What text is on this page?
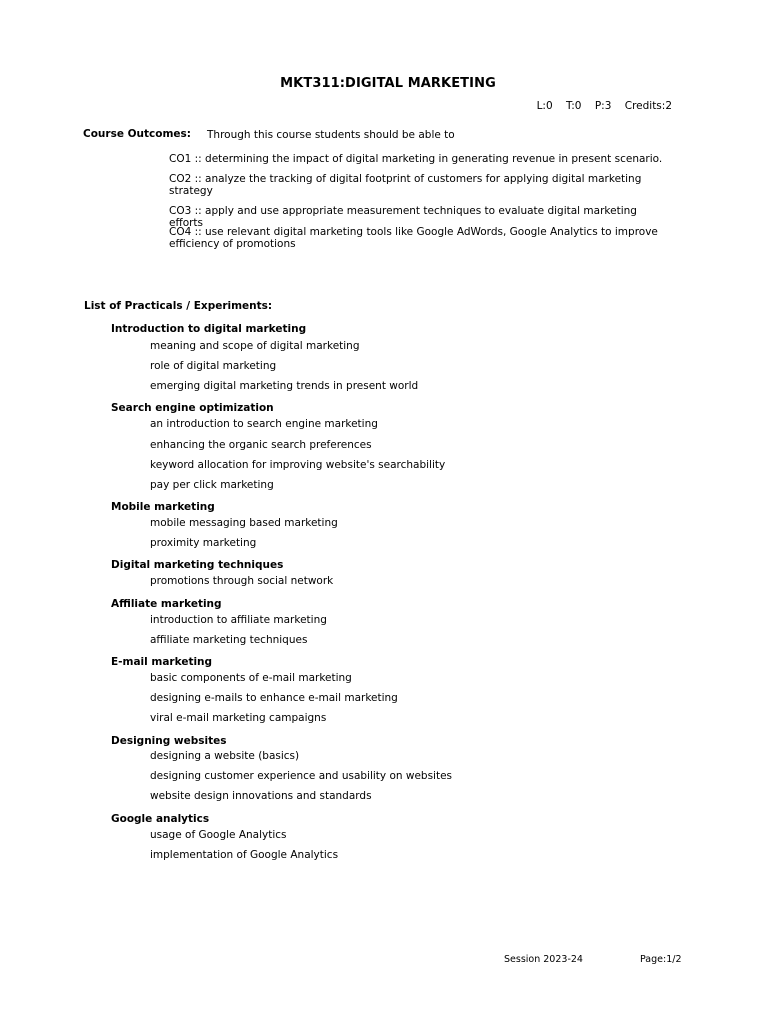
MKT311:DIGITAL MARKETING
L:0 T:0 P:3 Credits:2
Course Outcomes: Through this course students should be able to
CO1 :: determining the impact of digital marketing in generating revenue in present scenario.
CO2 :: analyze the tracking of digital footprint of customers for applying digital marketing strategy
CO3 :: apply and use appropriate measurement techniques to evaluate digital marketing efforts
CO4 :: use relevant digital marketing tools like Google AdWords, Google Analytics to improve efficiency of promotions
List of Practicals / Experiments:
Introduction to digital marketing
meaning and scope of digital marketing
role of digital marketing
emerging digital marketing trends in present world
Search engine optimization
an introduction to search engine marketing
enhancing the organic search preferences
keyword allocation for improving website's searchability
pay per click marketing
Mobile marketing
mobile messaging based marketing
proximity marketing
Digital marketing techniques
promotions through social network
Affiliate marketing
introduction to affiliate marketing
affiliate marketing techniques
E-mail marketing
basic components of e-mail marketing
designing e-mails to enhance e-mail marketing
viral e-mail marketing campaigns
Designing websites
designing a website (basics)
designing customer experience and usability on websites
website design innovations and standards
Google analytics
usage of Google Analytics
implementation of Google Analytics
Session 2023-24	Page:1/2
